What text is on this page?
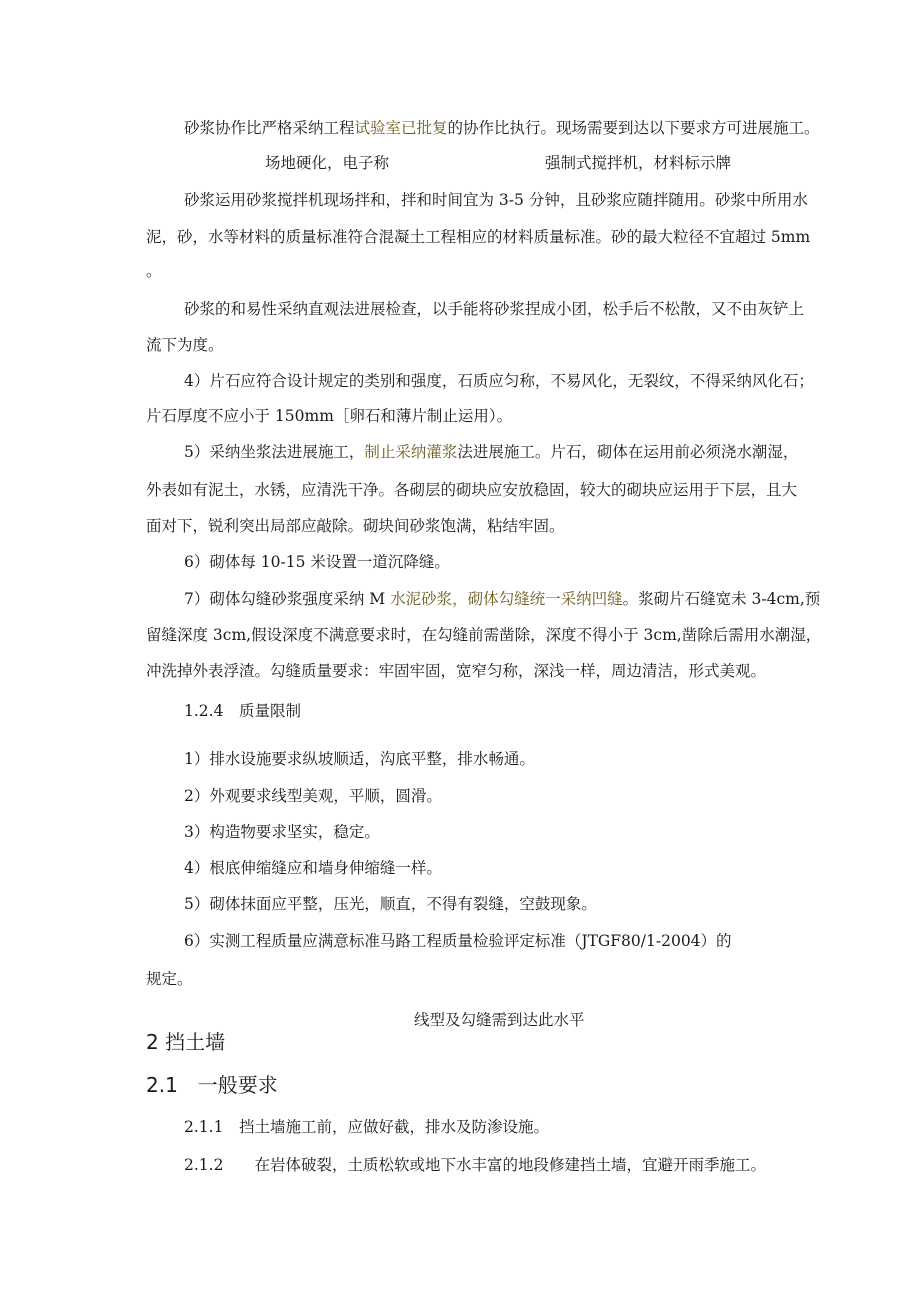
砂浆协作比严格采纳工程试验室已批复的协作比执行。现场需要到达以下要求方可进展施工。
场地硬化，电子称	强制式搅拌机，材料标示牌
砂浆运用砂浆搅拌机现场拌和，拌和时间宜为 3-5 分钟，且砂浆应随拌随用。砂浆中所用水
泥，砂，水等材料的质量标准符合混凝土工程相应的材料质量标准。砂的最大粒径不宜超过 5mm
。
砂浆的和易性采纳直观法进展检查，以手能将砂浆捏成小团，松手后不松散，又不由灰铲上
流下为度。
4）片石应符合设计规定的类别和强度，石质应匀称，不易风化，无裂纹，不得采纳风化石；
片石厚度不应小于 150mm［卵石和薄片制止运用）。
5）采纳坐浆法进展施工，制止采纳灌浆法进展施工。片石，砌体在运用前必须浇水潮湿，
外表如有泥土，水锈，应清洗干净。各砌层的砌块应安放稳固，较大的砌块应运用于下层，且大
面对下，锐利突出局部应敲除。砌块间砂浆饱满，粘结牢固。
6）砌体每 10-15 米设置一道沉降缝。
7）砌体勾缝砂浆强度采纳 M 水泥砂浆，砌体勾缝统一采纳凹缝。浆砌片石缝宽未 3-4cm,预
留缝深度 3cm,假设深度不满意要求时，在勾缝前需凿除，深度不得小于 3cm,凿除后需用水潮湿，
冲洗掉外表浮渣。勾缝质量要求：牢固牢固，宽窄匀称，深浅一样，周边清洁，形式美观。
1.2.4　质量限制
1）排水设施要求纵坡顺适，沟底平整，排水畅通。
2）外观要求线型美观，平顺，圆滑。
3）构造物要求坚实，稳定。
4）根底伸缩缝应和墙身伸缩缝一样。
5）砌体抹面应平整，压光，顺直，不得有裂缝，空鼓现象。
6）实测工程质量应满意标准马路工程质量检验评定标准（JTGF80/1-2004）的
规定。
线型及勾缝需到达此水平
2 挡土墙
2.1　一般要求
2.1.1　挡土墙施工前，应做好截，排水及防渗设施。
2.1.2　　在岩体破裂，土质松软或地下水丰富的地段修建挡土墙，宜避开雨季施工。
